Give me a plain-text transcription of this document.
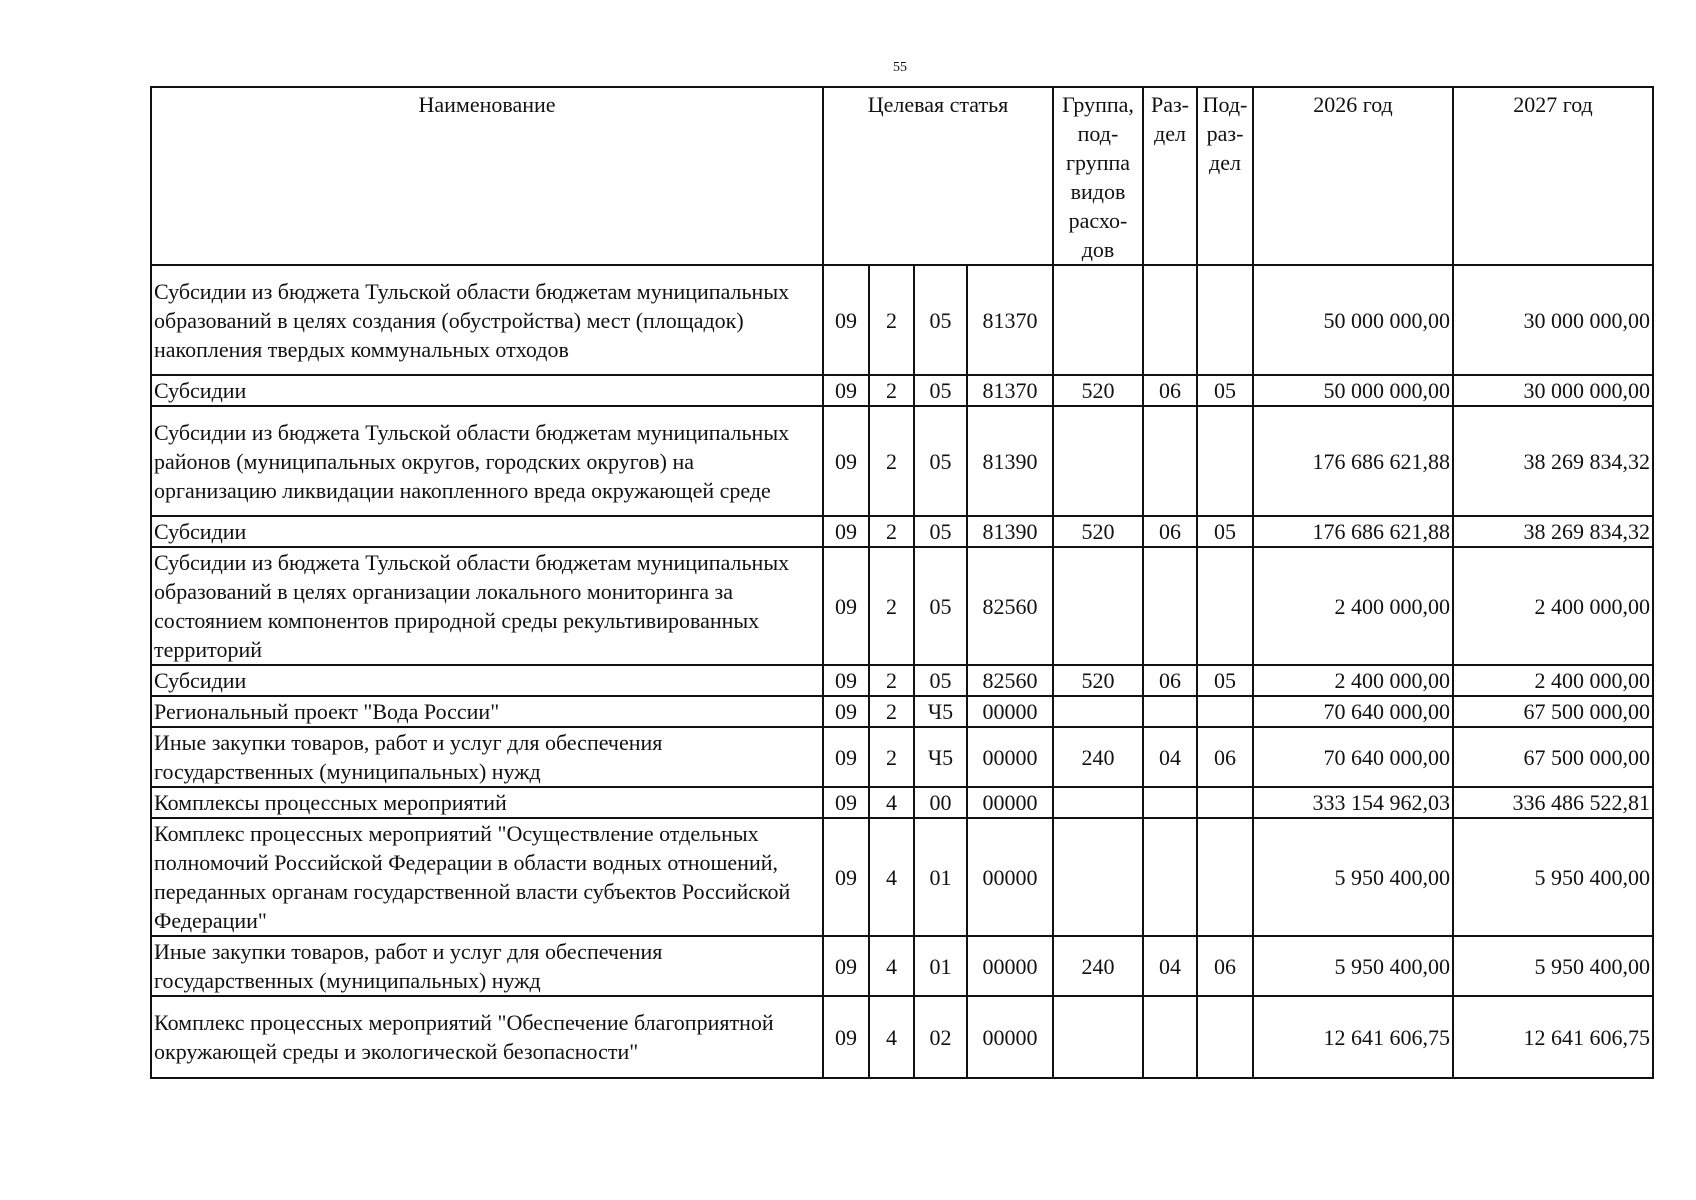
55
Наименование	Целевая статья				Группа, под-группа видов расхо-дов	Раз-дел	Под-раз-дел	2026 год	2027 год
Субсидии из бюджета Тульской области бюджетам муниципальных образований в целях создания (обустройства) мест (площадок) накопления твердых коммунальных отходов	09	2	05	81370				50 000 000,00	30 000 000,00
Субсидии	09	2	05	81370	520	06	05	50 000 000,00	30 000 000,00
Субсидии из бюджета Тульской области бюджетам муниципальных районов (муниципальных округов, городских округов) на организацию ликвидации накопленного вреда окружающей среде	09	2	05	81390				176 686 621,88	38 269 834,32
Субсидии	09	2	05	81390	520	06	05	176 686 621,88	38 269 834,32
Субсидии из бюджета Тульской области бюджетам муниципальных образований в целях организации локального мониторинга за состоянием компонентов природной среды рекультивированных территорий	09	2	05	82560				2 400 000,00	2 400 000,00
Субсидии	09	2	05	82560	520	06	05	2 400 000,00	2 400 000,00
Региональный проект "Вода России"	09	2	Ч5	00000				70 640 000,00	67 500 000,00
Иные закупки товаров, работ и услуг для обеспечения государственных (муниципальных) нужд	09	2	Ч5	00000	240	04	06	70 640 000,00	67 500 000,00
Комплексы процессных мероприятий	09	4	00	00000				333 154 962,03	336 486 522,81
Комплекс процессных мероприятий "Осуществление отдельных полномочий Российской Федерации в области водных отношений, переданных органам государственной власти субъектов Российской Федерации"	09	4	01	00000				5 950 400,00	5 950 400,00
Иные закупки товаров, работ и услуг для обеспечения государственных (муниципальных) нужд	09	4	01	00000	240	04	06	5 950 400,00	5 950 400,00
Комплекс процессных мероприятий "Обеспечение благоприятной окружающей среды и экологической безопасности"	09	4	02	00000				12 641 606,75	12 641 606,75
